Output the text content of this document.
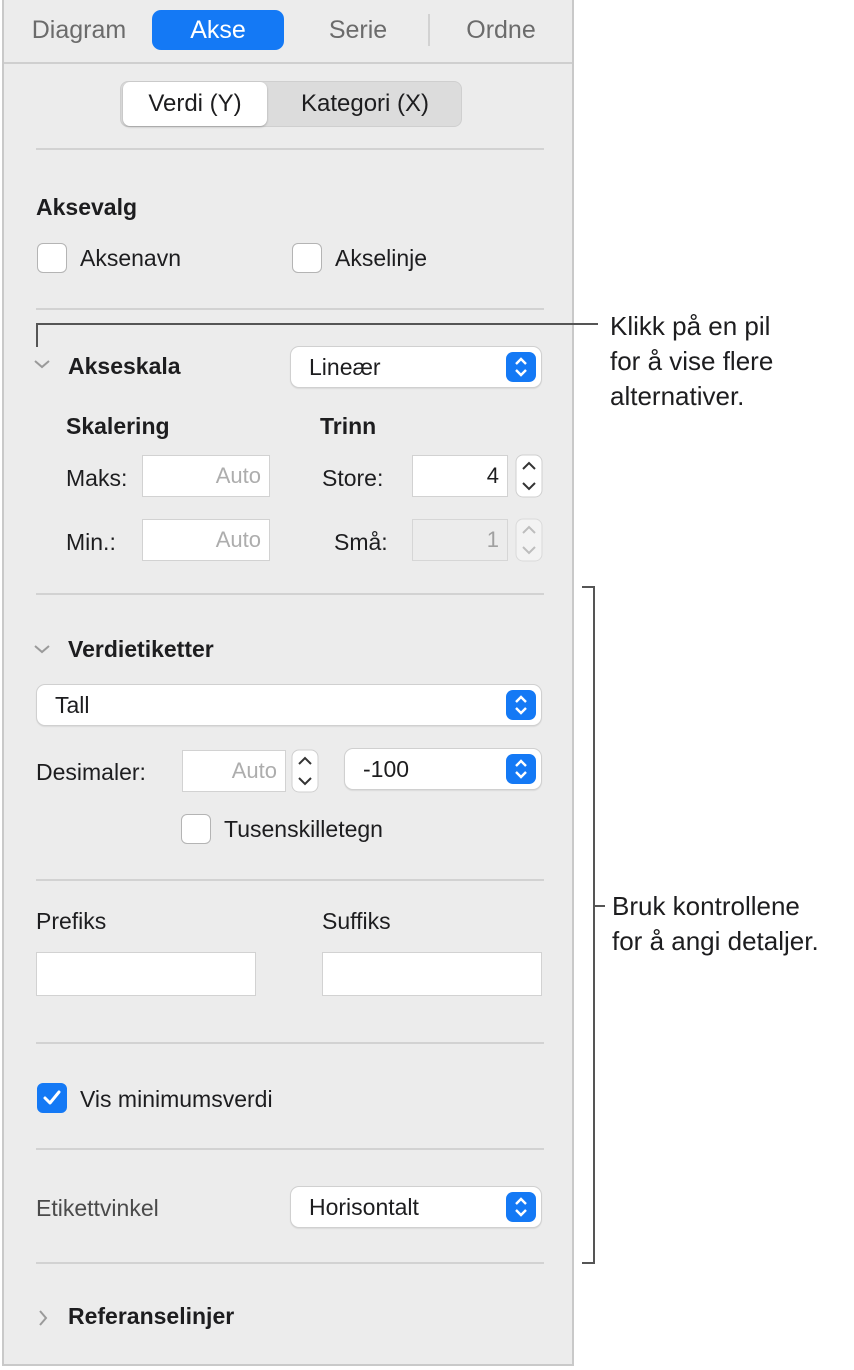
Diagram	Akse	Serie	Ordne
Verdi (Y)	Kategori (X)
Aksevalg
Aksenavn	Akselinje
Akseskala	Lineær
Skalering	Trinn
Maks:	Auto	Store:	4
Min.:	Auto	Små:	1
Verdietiketter
Tall
Desimaler:	Auto	-100
Tusenskilletegn
Prefiks	Suffiks
Vis minimumsverdi
Etikettvinkel	Horisontalt
Referanselinjer
Klikk på en pil
for å vise flere
alternativer.
Bruk kontrollene
for å angi detaljer.
